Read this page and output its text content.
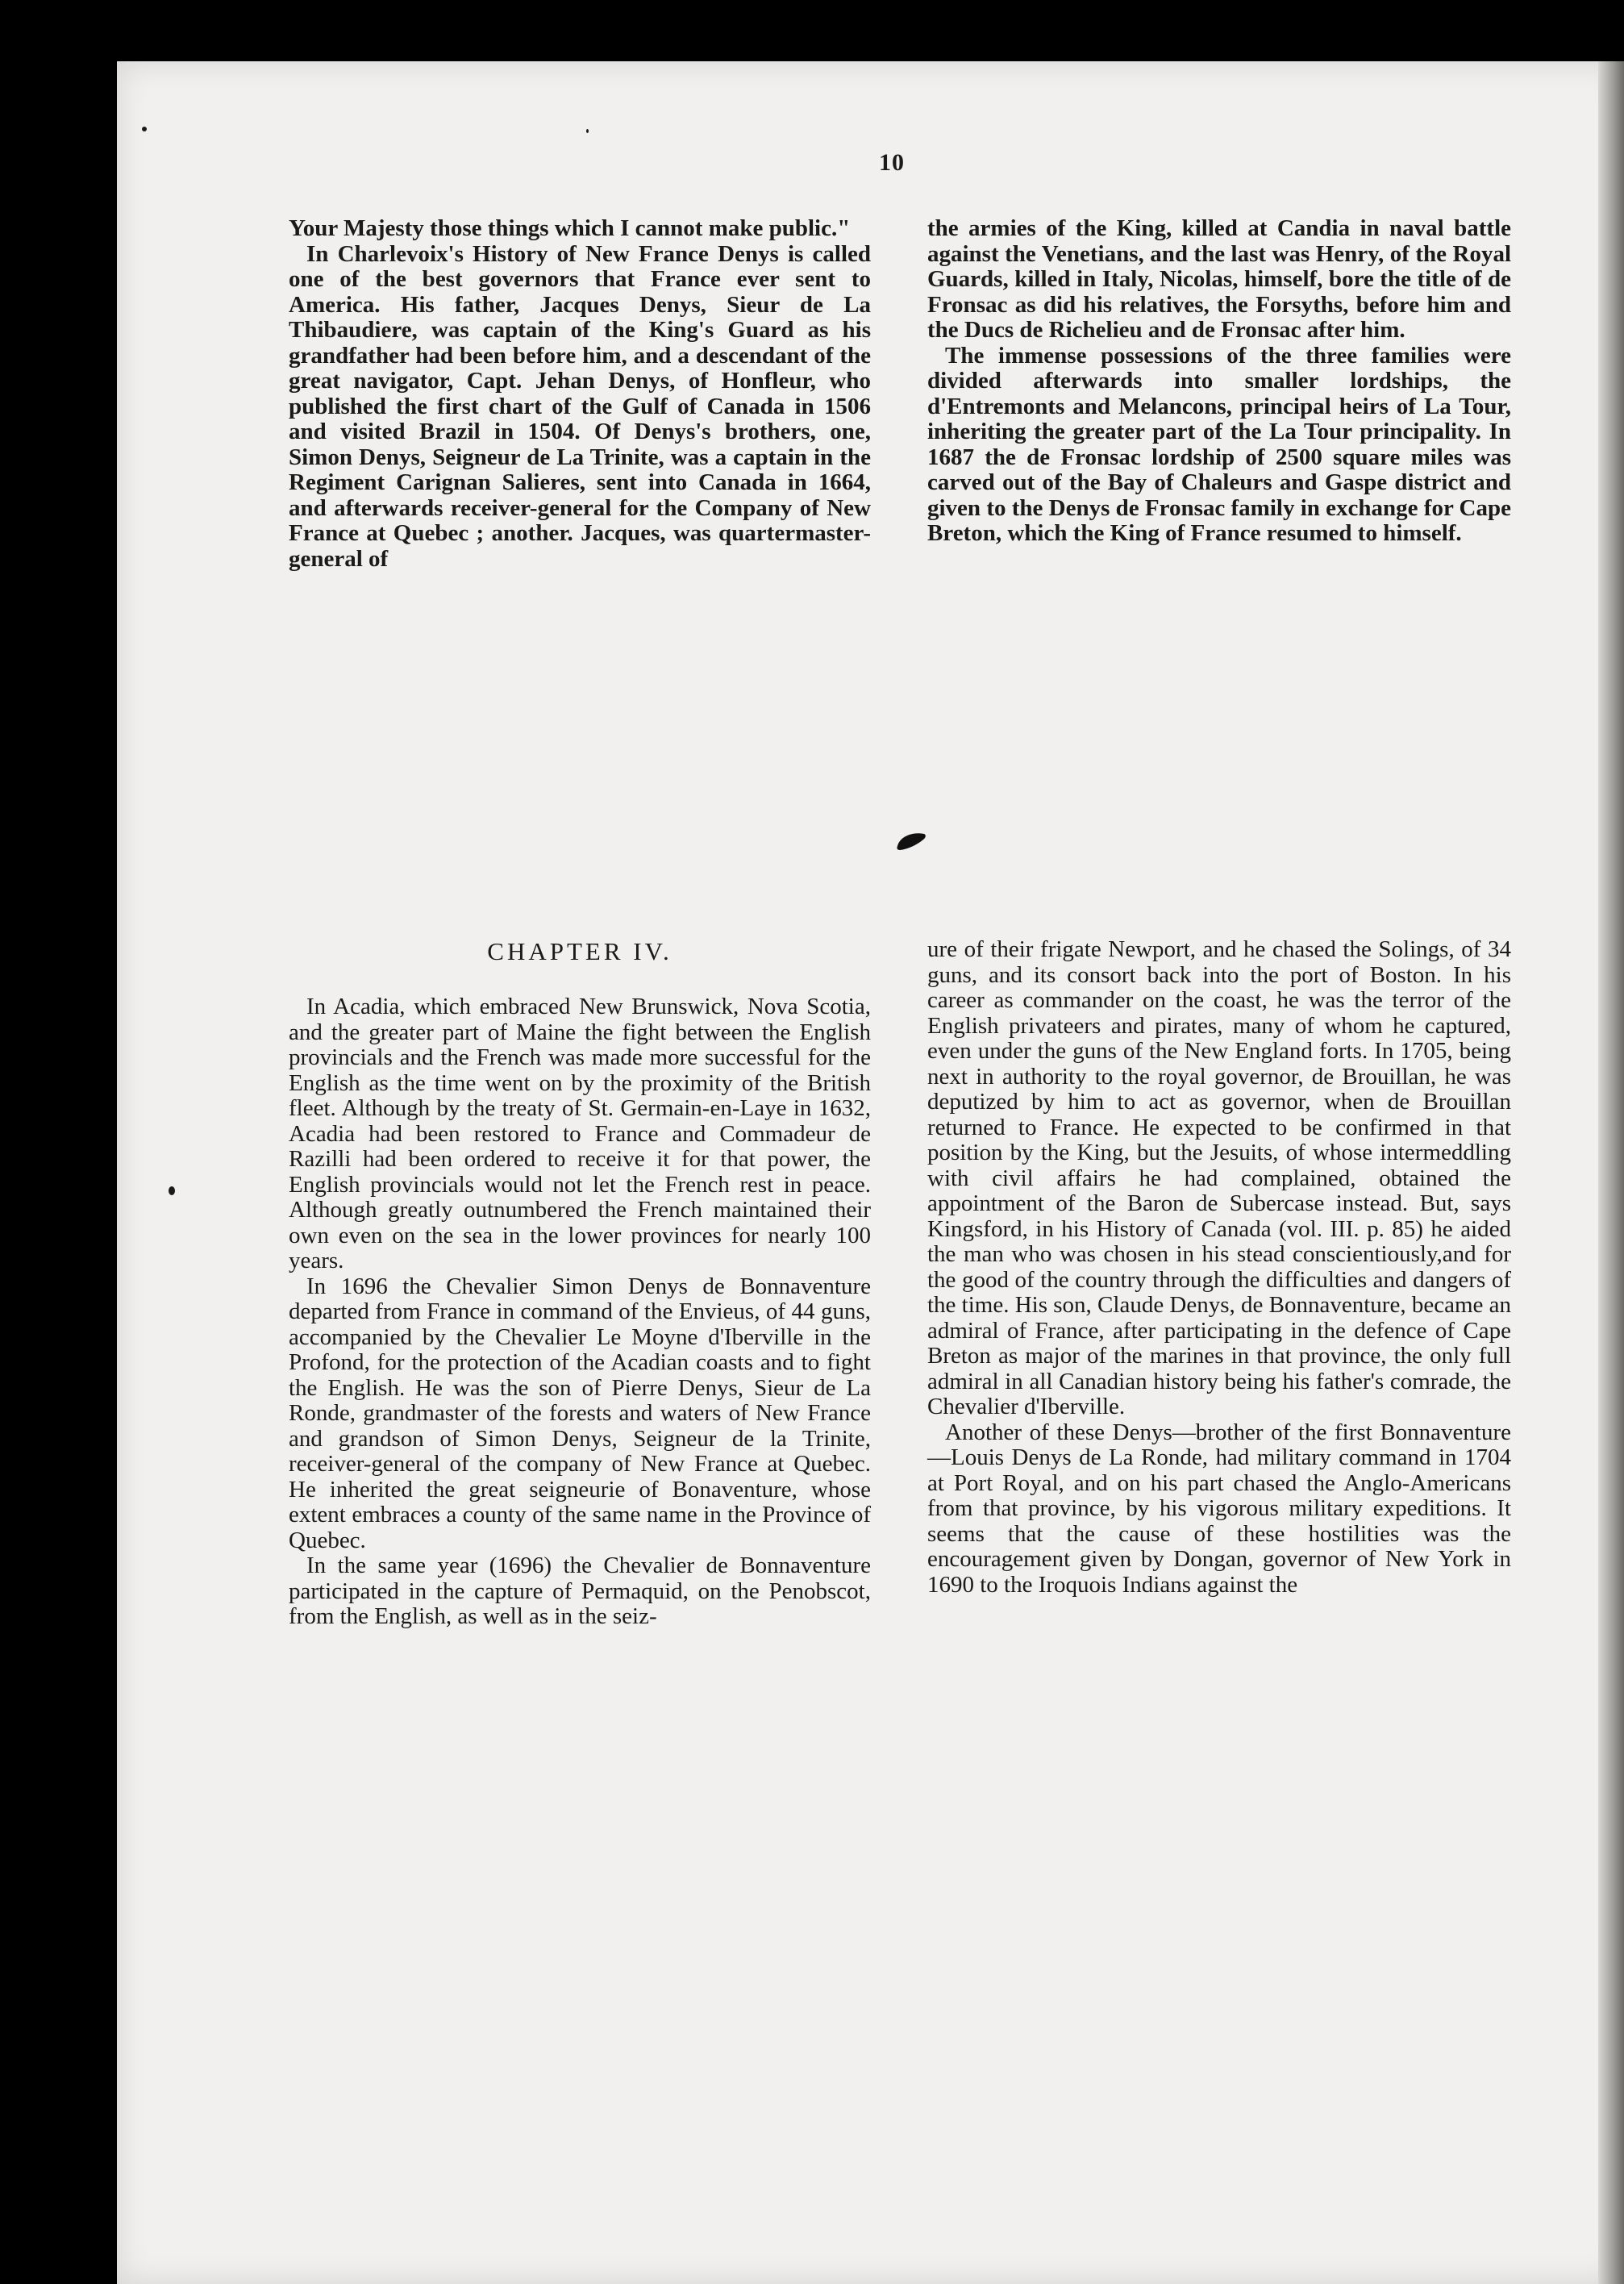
10

Your Majesty those things which I cannot make public."

In Charlevoix's History of New France Denys is called one of the best governors that France ever sent to America. His father, Jacques Denys, Sieur de La Thibaudiere, was captain of the King's Guard as his grandfather had been before him, and a descendant of the great navigator, Capt. Jehan Denys, of Honfleur, who published the first chart of the Gulf of Canada in 1506 and visited Brazil in 1504. Of Denys's brothers, one, Simon Denys, Seigneur de La Trinite, was a captain in the Regiment Carignan Salieres, sent into Canada in 1664, and afterwards receiver-general for the Company of New France at Quebec ; another. Jacques, was quartermaster-general of

the armies of the King, killed at Candia in naval battle against the Venetians, and the last was Henry, of the Royal Guards, killed in Italy, Nicolas, himself, bore the title of de Fronsac as did his relatives, the Forsyths, before him and the Ducs de Richelieu and de Fronsac after him.

The immense possessions of the three families were divided afterwards into smaller lordships, the d'Entremonts and Melancons, principal heirs of La Tour, inheriting the greater part of the La Tour principality. In 1687 the de Fronsac lordship of 2500 square miles was carved out of the Bay of Chaleurs and Gaspe district and given to the Denys de Fronsac family in exchange for Cape Breton, which the King of France resumed to himself.

CHAPTER IV.

In Acadia, which embraced New Brunswick, Nova Scotia, and the greater part of Maine the fight between the English provincials and the French was made more successful for the English as the time went on by the proximity of the British fleet. Although by the treaty of St. Germain-en-Laye in 1632, Acadia had been restored to France and Commadeur de Razilli had been ordered to receive it for that power, the English provincials would not let the French rest in peace. Although greatly outnumbered the French maintained their own even on the sea in the lower provinces for nearly 100 years.

In 1696 the Chevalier Simon Denys de Bonnaventure departed from France in command of the Envieus, of 44 guns, accompanied by the Chevalier Le Moyne d'Iberville in the Profond, for the protection of the Acadian coasts and to fight the English. He was the son of Pierre Denys, Sieur de La Ronde, grandmaster of the forests and waters of New France and grandson of Simon Denys, Seigneur de la Trinite, receiver-general of the company of New France at Quebec. He inherited the great seigneurie of Bonaventure, whose extent embraces a county of the same name in the Province of Quebec.

In the same year (1696) the Chevalier de Bonnaventure participated in the capture of Permaquid, on the Penobscot, from the English, as well as in the seiz-

ure of their frigate Newport, and he chased the Solings, of 34 guns, and its consort back into the port of Boston. In his career as commander on the coast, he was the terror of the English privateers and pirates, many of whom he captured, even under the guns of the New England forts. In 1705, being next in authority to the royal governor, de Brouillan, he was deputized by him to act as governor, when de Brouillan returned to France. He expected to be confirmed in that position by the King, but the Jesuits, of whose intermeddling with civil affairs he had complained, obtained the appointment of the Baron de Subercase instead. But, says Kingsford, in his History of Canada (vol. III. p. 85) he aided the man who was chosen in his stead conscientiously,and for the good of the country through the difficulties and dangers of the time. His son, Claude Denys, de Bonnaventure, became an admiral of France, after participating in the defence of Cape Breton as major of the marines in that province, the only full admiral in all Canadian history being his father's comrade, the Chevalier d'Iberville.

Another of these Denys—brother of the first Bonnaventure—Louis Denys de La Ronde, had military command in 1704 at Port Royal, and on his part chased the Anglo-Americans from that province, by his vigorous military expeditions. It seems that the cause of these hostilities was the encouragement given by Dongan, governor of New York in 1690 to the Iroquois Indians against the
